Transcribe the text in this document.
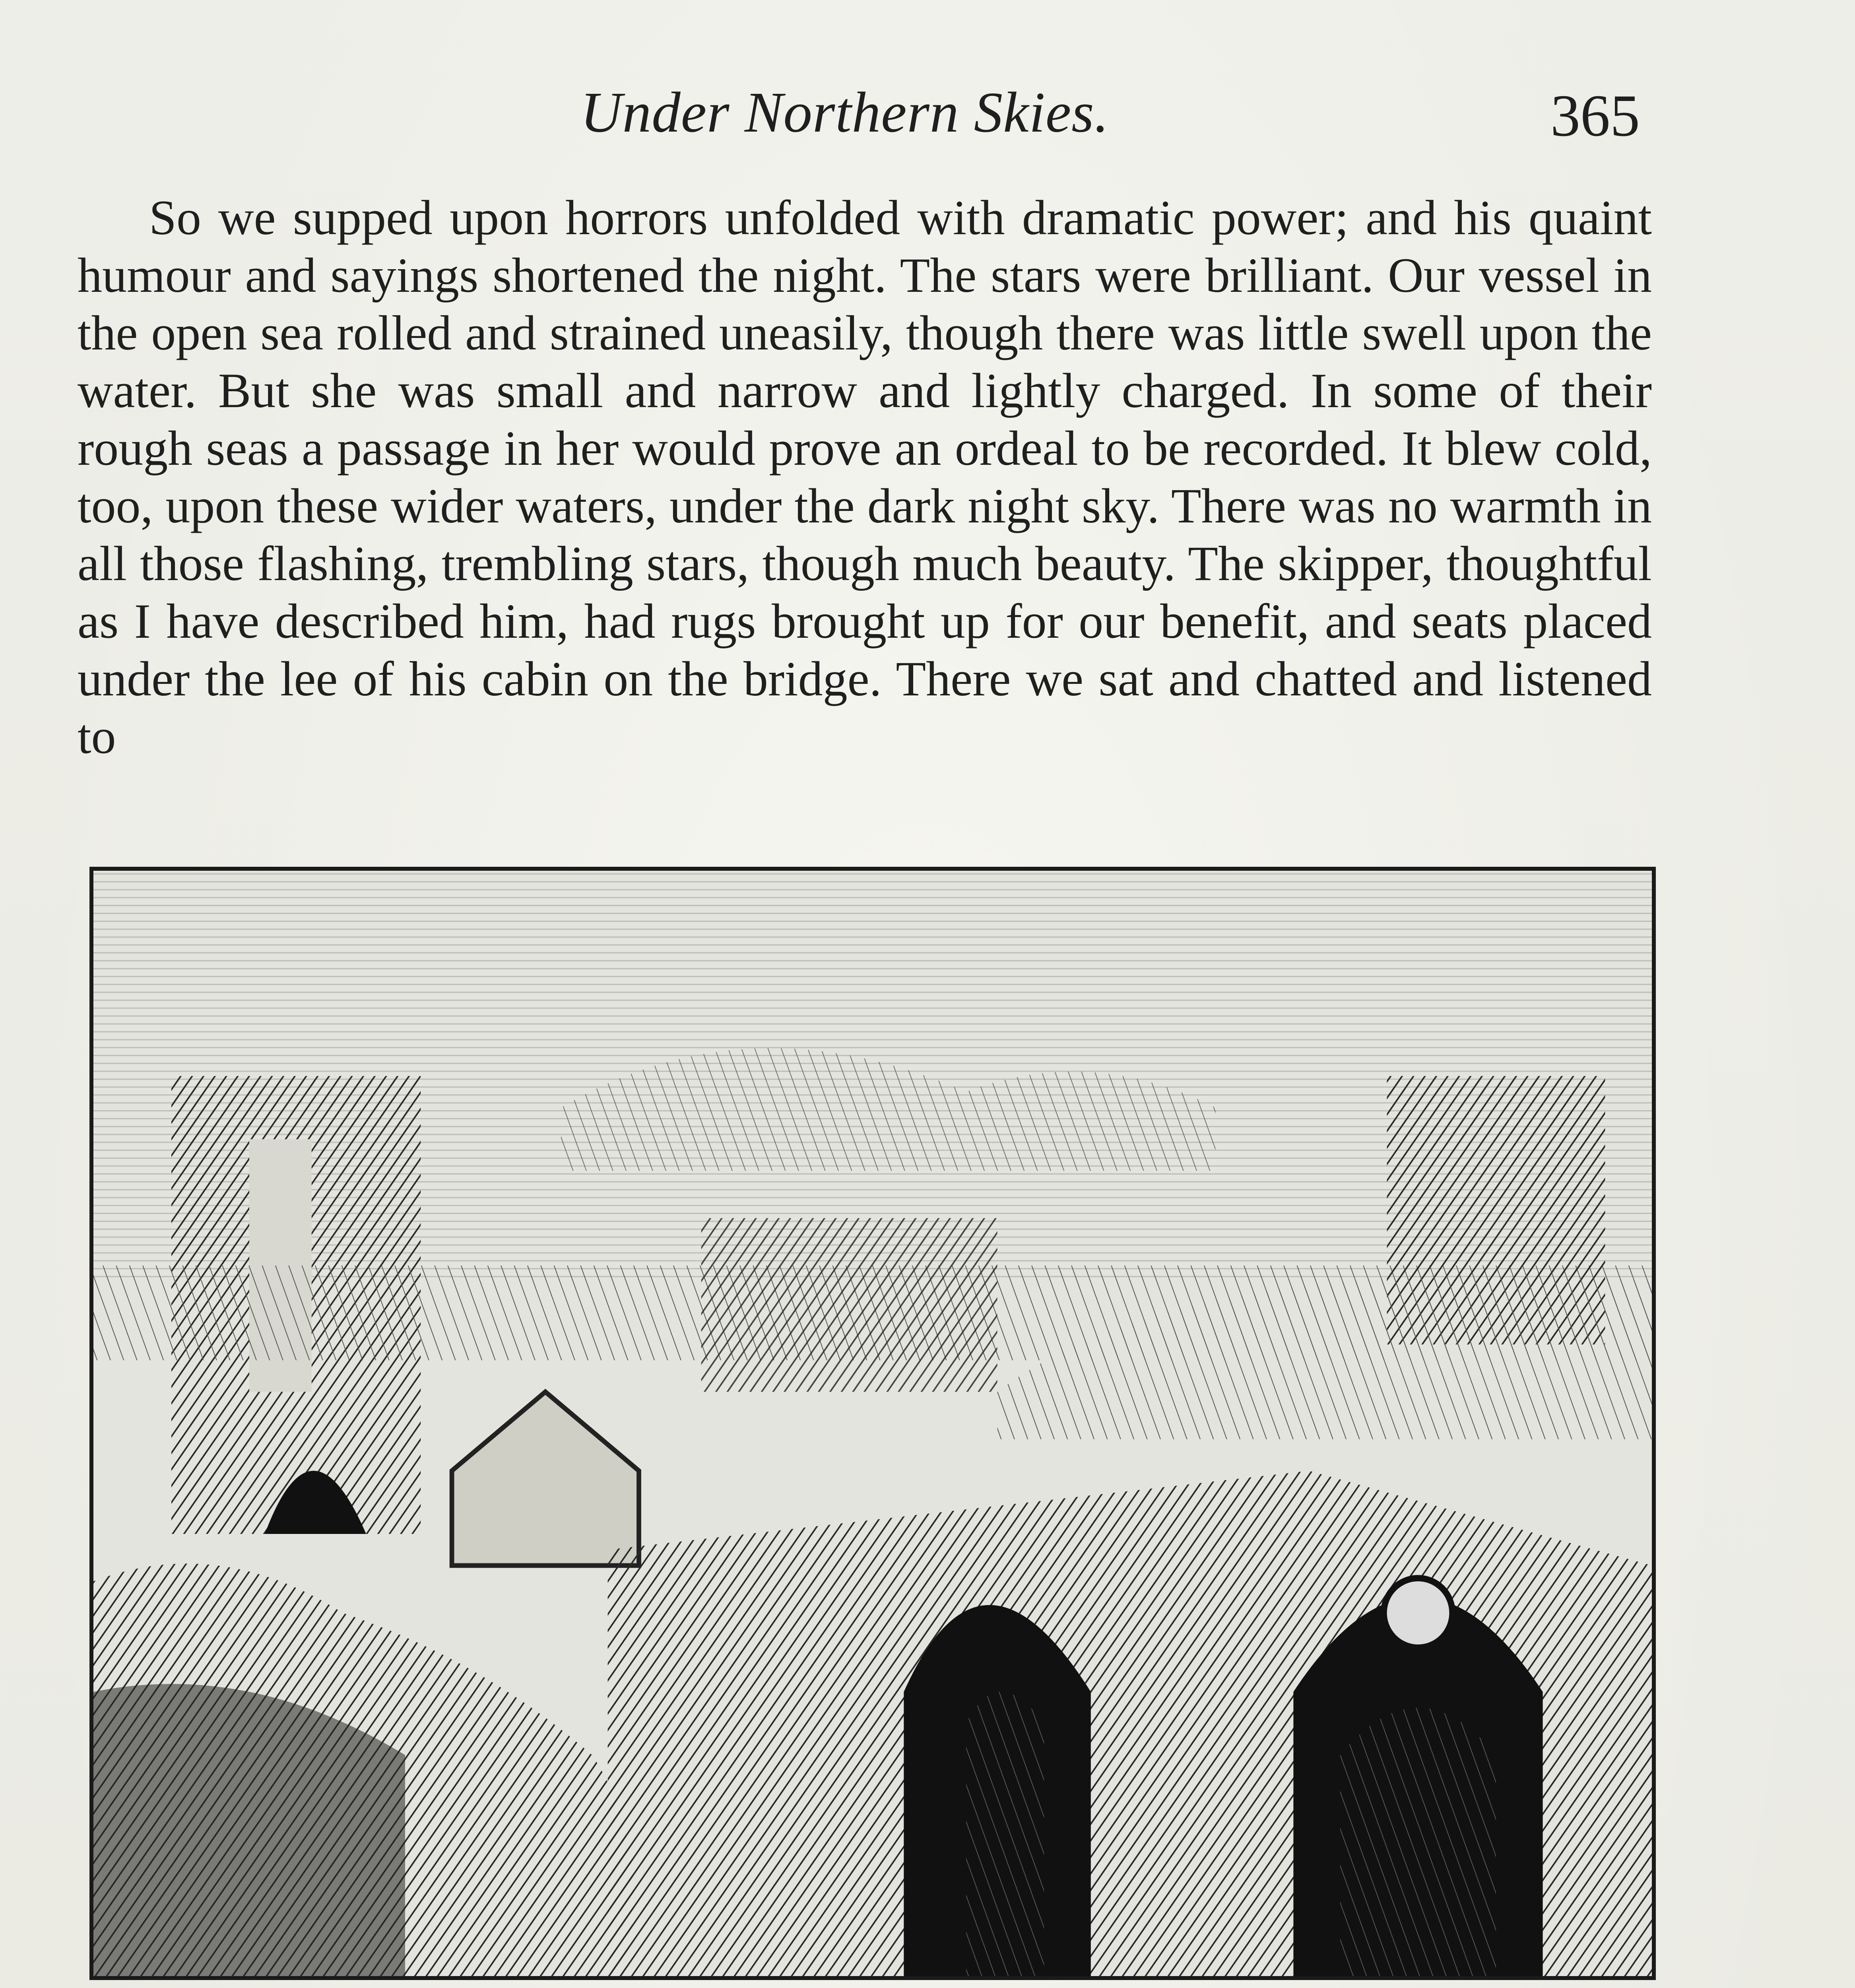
Under Northern Skies.	365

So we supped upon horrors unfolded with dramatic power; and his quaint humour and sayings shortened the night. The stars were brilliant. Our vessel in the open sea rolled and strained uneasily, though there was little swell upon the water. But she was small and narrow and lightly charged. In some of their rough seas a passage in her would prove an ordeal to be recorded. It blew cold, too, upon these wider waters, under the dark night sky. There was no warmth in all those flashing, trembling stars, though much beauty. The skipper, thoughtful as I have described him, had rugs brought up for our benefit, and seats placed under the lee of his cabin on the bridge. There we sat and chatted and listened to
